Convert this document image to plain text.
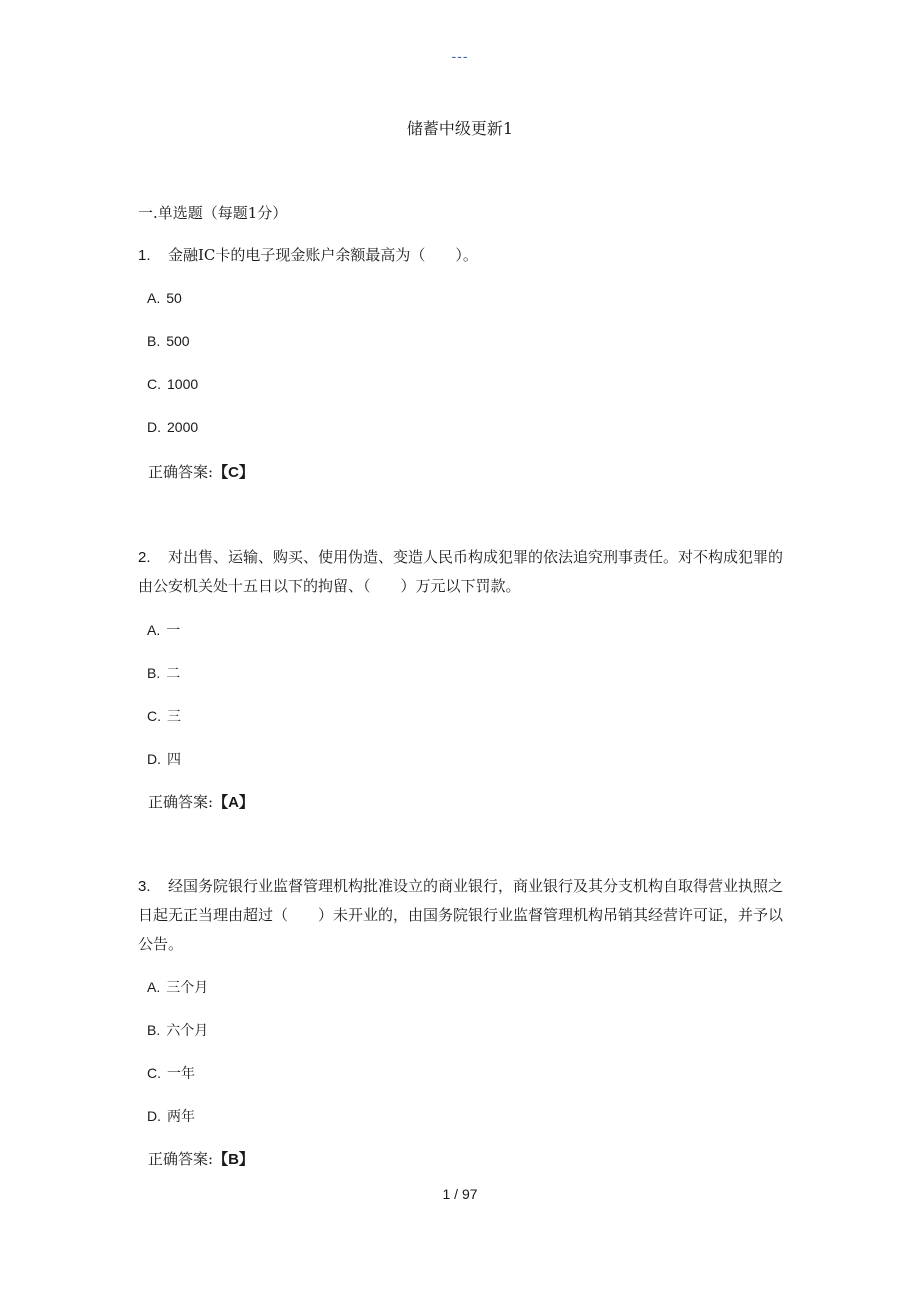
---
储蓄中级更新1
一.单选题（每题1分）
1. 金融IC卡的电子现金账户余额最高为（　　）。
A. 50
B. 500
C. 1000
D. 2000
正确答案:【C】
2. 对出售、运输、购买、使用伪造、变造人民币构成犯罪的依法追究刑事责任。对不构成犯罪的由公安机关处十五日以下的拘留、（　　）万元以下罚款。
A. 一
B. 二
C. 三
D. 四
正确答案:【A】
3. 经国务院银行业监督管理机构批准设立的商业银行，商业银行及其分支机构自取得营业执照之日起无正当理由超过（　　）未开业的，由国务院银行业监督管理机构吊销其经营许可证，并予以公告。
A. 三个月
B. 六个月
C. 一年
D. 两年
正确答案:【B】
1 / 97
